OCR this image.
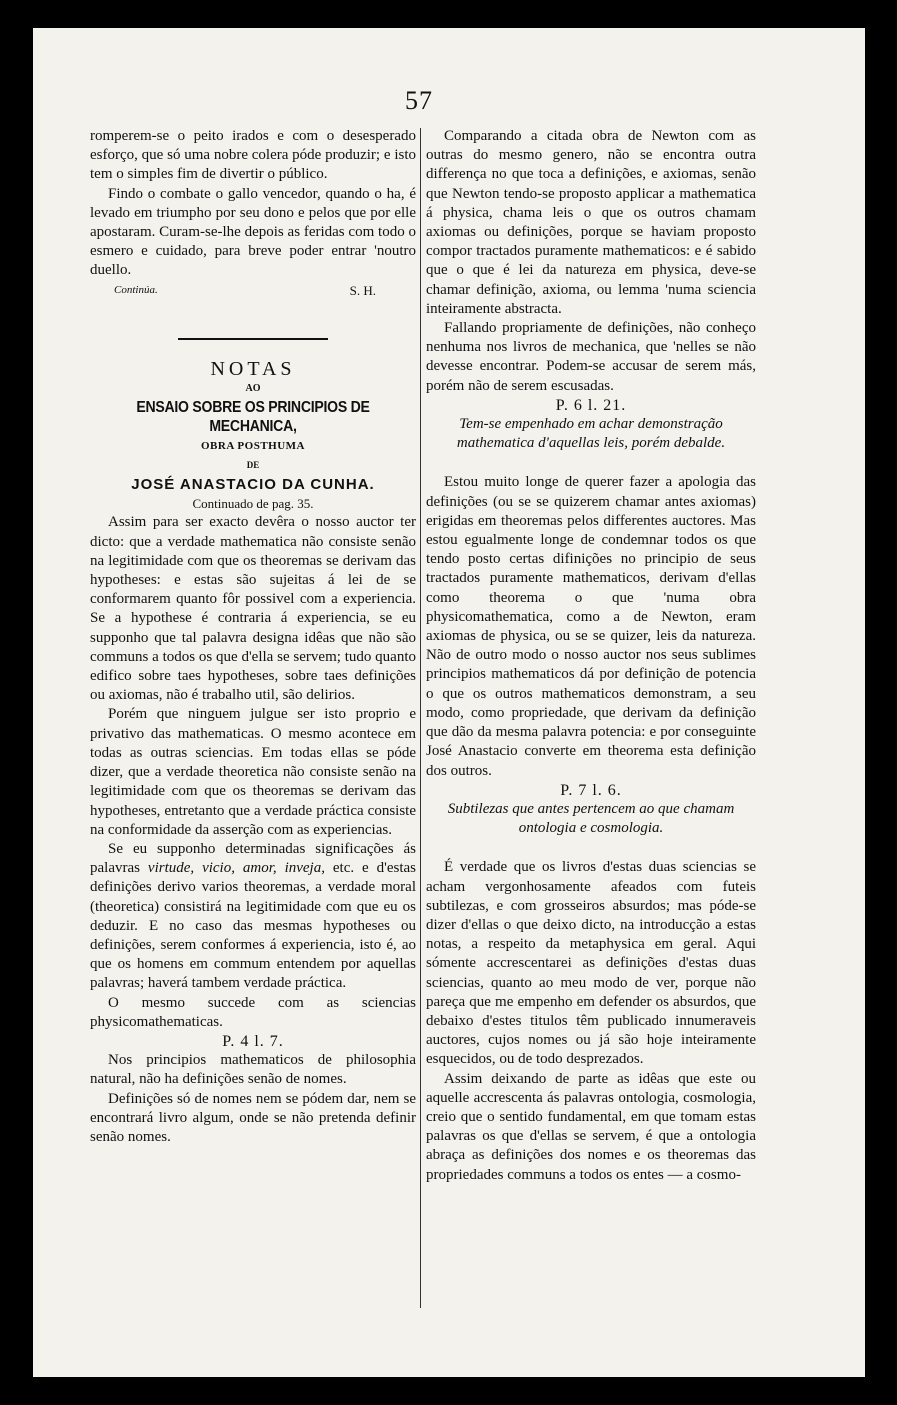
57

romperem-se o peito irados e com o desesperado esforço, que só uma nobre colera póde produzir; e isto tem o simples fim de divertir o público.

Findo o combate o gallo vencedor, quando o ha, é levado em triumpho por seu dono e pelos que por elle apostaram. Curam-se-lhe depois as feridas com todo o esmero e cuidado, para breve poder entrar 'noutro duello.

Continúa.	S. H.

NOTAS

AO

ENSAIO SOBRE OS PRINCIPIOS DE MECHANICA,

OBRA POSTHUMA

DE

JOSÉ ANASTACIO DA CUNHA.

Continuado de pag. 35.

Assim para ser exacto devêra o nosso auctor ter dicto: que a verdade mathematica não consiste senão na legitimidade com que os theoremas se derivam das hypotheses: e estas são sujeitas á lei de se conformarem quanto fôr possivel com a experiencia. Se a hypothese é contraria á experiencia, se eu supponho que tal palavra designa idêas que não são communs a todos os que d'ella se servem; tudo quanto edifico sobre taes hypotheses, sobre taes definições ou axiomas, não é trabalho util, são delirios.

Porém que ninguem julgue ser isto proprio e privativo das mathematicas. O mesmo acontece em todas as outras sciencias. Em todas ellas se póde dizer, que a verdade theoretica não consiste senão na legitimidade com que os theoremas se derivam das hypotheses, entretanto que a verdade práctica consiste na conformidade da asserção com as experiencias.

Se eu supponho determinadas significações ás palavras virtude, vicio, amor, inveja, etc. e d'estas definições derivo varios theoremas, a verdade moral (theoretica) consistirá na legitimidade com que eu os deduzir. E no caso das mesmas hypotheses ou definições, serem conformes á experiencia, isto é, ao que os homens em commum entendem por aquellas palavras; haverá tambem verdade práctica.

O mesmo succede com as sciencias physicomathematicas.

P. 4 l. 7.

Nos principios mathematicos de philosophia natural, não ha definições senão de nomes.

Definições só de nomes nem se pódem dar, nem se encontrará livro algum, onde se não pretenda definir senão nomes.

Comparando a citada obra de Newton com as outras do mesmo genero, não se encontra outra differença no que toca a definições, e axiomas, senão que Newton tendo-se proposto applicar a mathematica á physica, chama leis o que os outros chamam axiomas ou definições, porque se haviam proposto compor tractados puramente mathematicos: e é sabido que o que é lei da natureza em physica, deve-se chamar definição, axioma, ou lemma 'numa sciencia inteiramente abstracta.

Fallando propriamente de definições, não conheço nenhuma nos livros de mechanica, que 'nelles se não devesse encontrar. Podem-se accusar de serem más, porém não de serem escusadas.

P. 6 l. 21.

Tem-se empenhado em achar demonstração mathematica d'aquellas leis, porém debalde.

Estou muito longe de querer fazer a apologia das definições (ou se se quizerem chamar antes axiomas) erigidas em theoremas pelos differentes auctores. Mas estou egualmente longe de condemnar todos os que tendo posto certas difinições no principio de seus tractados puramente mathematicos, derivam d'ellas como theorema o que 'numa obra physicomathematica, como a de Newton, eram axiomas de physica, ou se se quizer, leis da natureza. Não de outro modo o nosso auctor nos seus sublimes principios mathematicos dá por definição de potencia o que os outros mathematicos demonstram, a seu modo, como propriedade, que derivam da definição que dão da mesma palavra potencia: e por conseguinte José Anastacio converte em theorema esta definição dos outros.

P. 7 l. 6.

Subtilezas que antes pertencem ao que chamam ontologia e cosmologia.

É verdade que os livros d'estas duas sciencias se acham vergonhosamente afeados com futeis subtilezas, e com grosseiros absurdos; mas póde-se dizer d'ellas o que deixo dicto, na introducção a estas notas, a respeito da metaphysica em geral. Aqui sómente accrescentarei as definições d'estas duas sciencias, quanto ao meu modo de ver, porque não pareça que me empenho em defender os absurdos, que debaixo d'estes titulos têm publicado innumeraveis auctores, cujos nomes ou já são hoje inteiramente esquecidos, ou de todo desprezados.

Assim deixando de parte as idêas que este ou aquelle accrescenta ás palavras ontologia, cosmologia, creio que o sentido fundamental, em que tomam estas palavras os que d'ellas se servem, é que a ontologia abraça as definições dos nomes e os theoremas das propriedades communs a todos os entes — a cosmo-
